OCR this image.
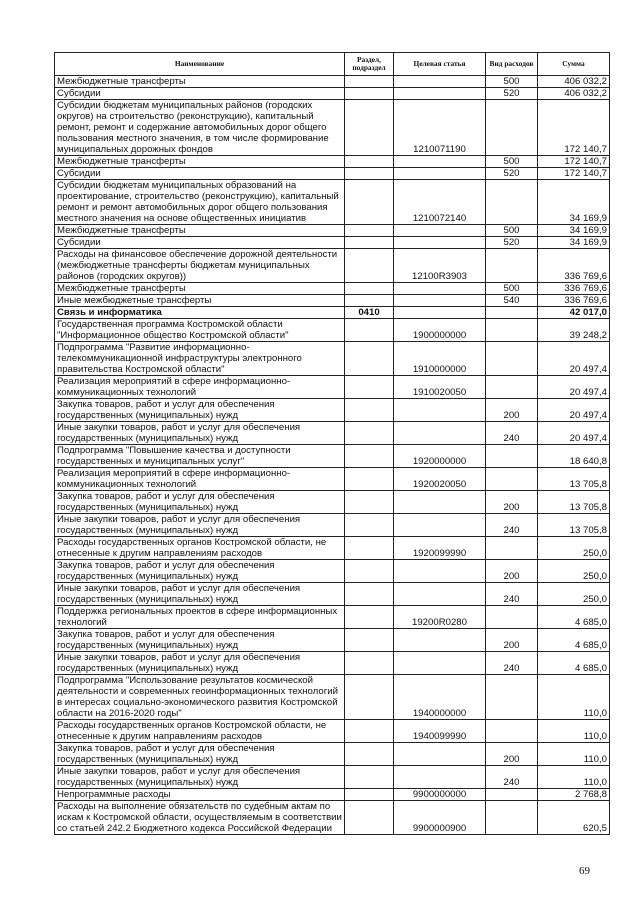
Наименование	Раздел, подраздел	Целевая статья	Вид расходов	Сумма
Межбюджетные трансферты			500	406 032,2
Субсидии			520	406 032,2
Субсидии бюджетам муниципальных районов (городских округов) на строительство (реконструкцию), капитальный ремонт, ремонт и содержание автомобильных дорог общего пользования местного значения, в том числе формирование муниципальных дорожных фондов		1210071190		172 140,7
Межбюджетные трансферты			500	172 140,7
Субсидии			520	172 140,7
Субсидии бюджетам муниципальных образований на проектирование, строительство (реконструкцию), капитальный ремонт и ремонт автомобильных дорог общего пользования местного значения на основе общественных инициатив		1210072140		34 169,9
Межбюджетные трансферты			500	34 169,9
Субсидии			520	34 169,9
Расходы на финансовое обеспечение дорожной деятельности (межбюджетные трансферты бюджетам муниципальных районов (городских округов))		12100R3903		336 769,6
Межбюджетные трансферты			500	336 769,6
Иные межбюджетные трансферты			540	336 769,6
Связь и информатика	0410			42 017,0
Государственная программа Костромской области "Информационное общество Костромской области"		1900000000		39 248,2
Подпрограмма "Развитие информационно-телекоммуникационной инфраструктуры электронного правительства Костромской области"		1910000000		20 497,4
Реализация мероприятий в сфере информационно-коммуникационных технологий		1910020050		20 497,4
Закупка товаров, работ и услуг для обеспечения государственных (муниципальных) нужд			200	20 497,4
Иные закупки товаров, работ и услуг для обеспечения государственных (муниципальных) нужд			240	20 497,4
Подпрограмма "Повышение качества и доступности государственных и муниципальных услуг"		1920000000		18 640,8
Реализация мероприятий в сфере информационно-коммуникационных технологий		1920020050		13 705,8
Закупка товаров, работ и услуг для обеспечения государственных (муниципальных) нужд			200	13 705,8
Иные закупки товаров, работ и услуг для обеспечения государственных (муниципальных) нужд			240	13 705,8
Расходы государственных органов Костромской области, не отнесенные к другим направлениям расходов		1920099990		250,0
Закупка товаров, работ и услуг для обеспечения государственных (муниципальных) нужд			200	250,0
Иные закупки товаров, работ и услуг для обеспечения государственных (муниципальных) нужд			240	250,0
Поддержка региональных проектов в сфере информационных технологий		19200R0280		4 685,0
Закупка товаров, работ и услуг для обеспечения государственных (муниципальных) нужд			200	4 685,0
Иные закупки товаров, работ и услуг для обеспечения государственных (муниципальных) нужд			240	4 685,0
Подпрограмма "Использование результатов космической деятельности и современных геоинформационных технологий в интересах социально-экономического развития Костромской области на 2016-2020 годы"		1940000000		110,0
Расходы государственных органов Костромской области, не отнесенные к другим направлениям расходов		1940099990		110,0
Закупка товаров, работ и услуг для обеспечения государственных (муниципальных) нужд			200	110,0
Иные закупки товаров, работ и услуг для обеспечения государственных (муниципальных) нужд			240	110,0
Непрограммные расходы		9900000000		2 768,8
Расходы на выполнение обязательств по судебным актам по искам к Костромской области, осуществляемым в соответствии со статьей 242.2 Бюджетного кодекса Российской Федерации		9900000900		620,5
69
